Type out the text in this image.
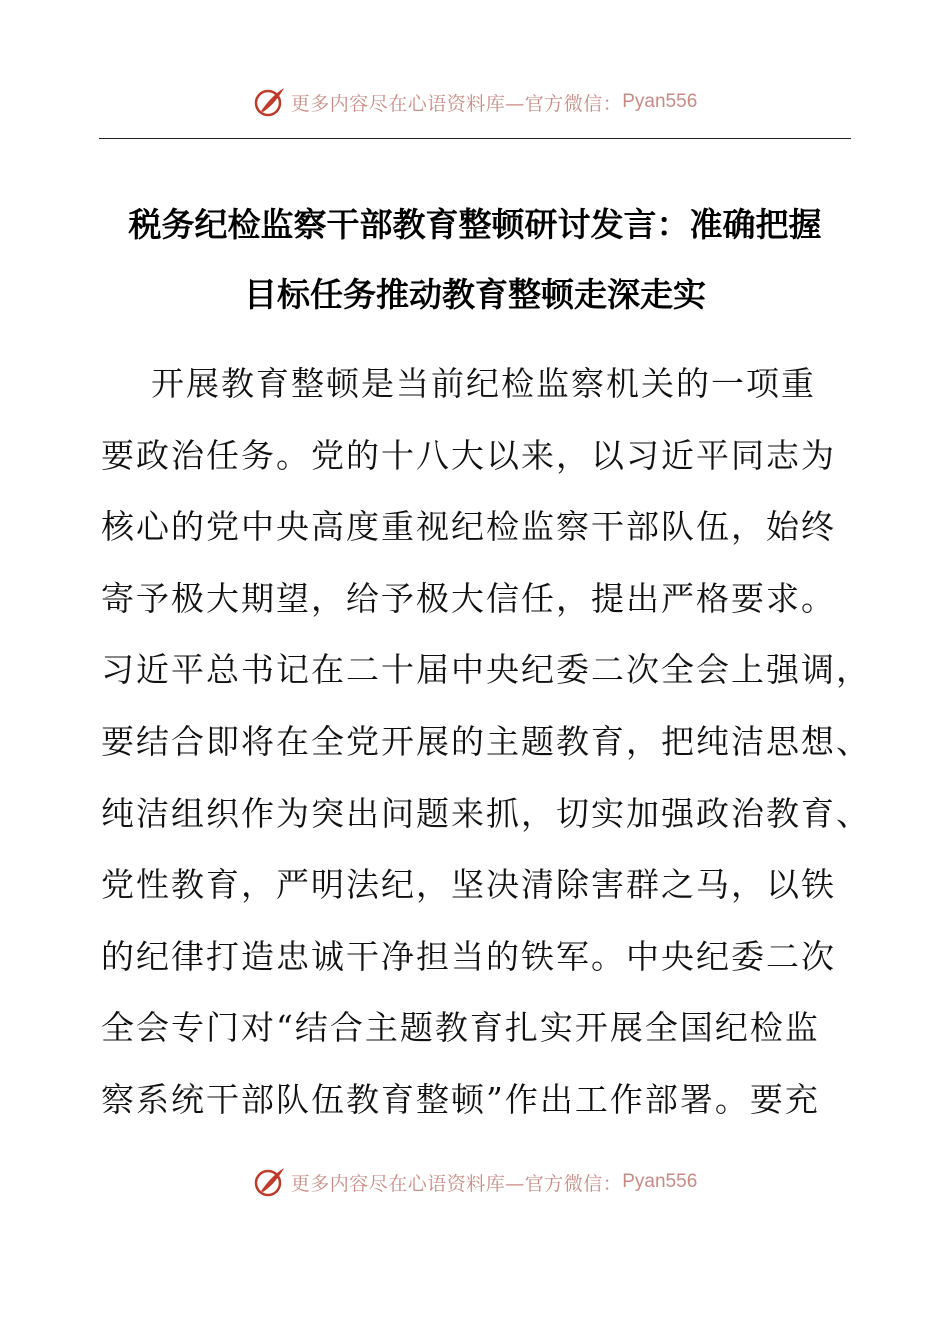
更多内容尽在心语资料库—官方微信： Pyan556
税务纪检监察干部教育整顿研讨发言：准确把握
目标任务推动教育整顿走深走实
开展教育整顿是当前纪检监察机关的一项重
要政治任务。党的十八大以来，以习近平同志为
核心的党中央高度重视纪检监察干部队伍，始终
寄予极大期望，给予极大信任，提出严格要求。
习近平总书记在二十届中央纪委二次全会上强调，
要结合即将在全党开展的主题教育，把纯洁思想、
纯洁组织作为突出问题来抓，切实加强政治教育、
党性教育，严明法纪，坚决清除害群之马，以铁
的纪律打造忠诚干净担当的铁军。中央纪委二次
全会专门对“结合主题教育扎实开展全国纪检监
察系统干部队伍教育整顿”作出工作部署。要充
更多内容尽在心语资料库—官方微信： Pyan556
